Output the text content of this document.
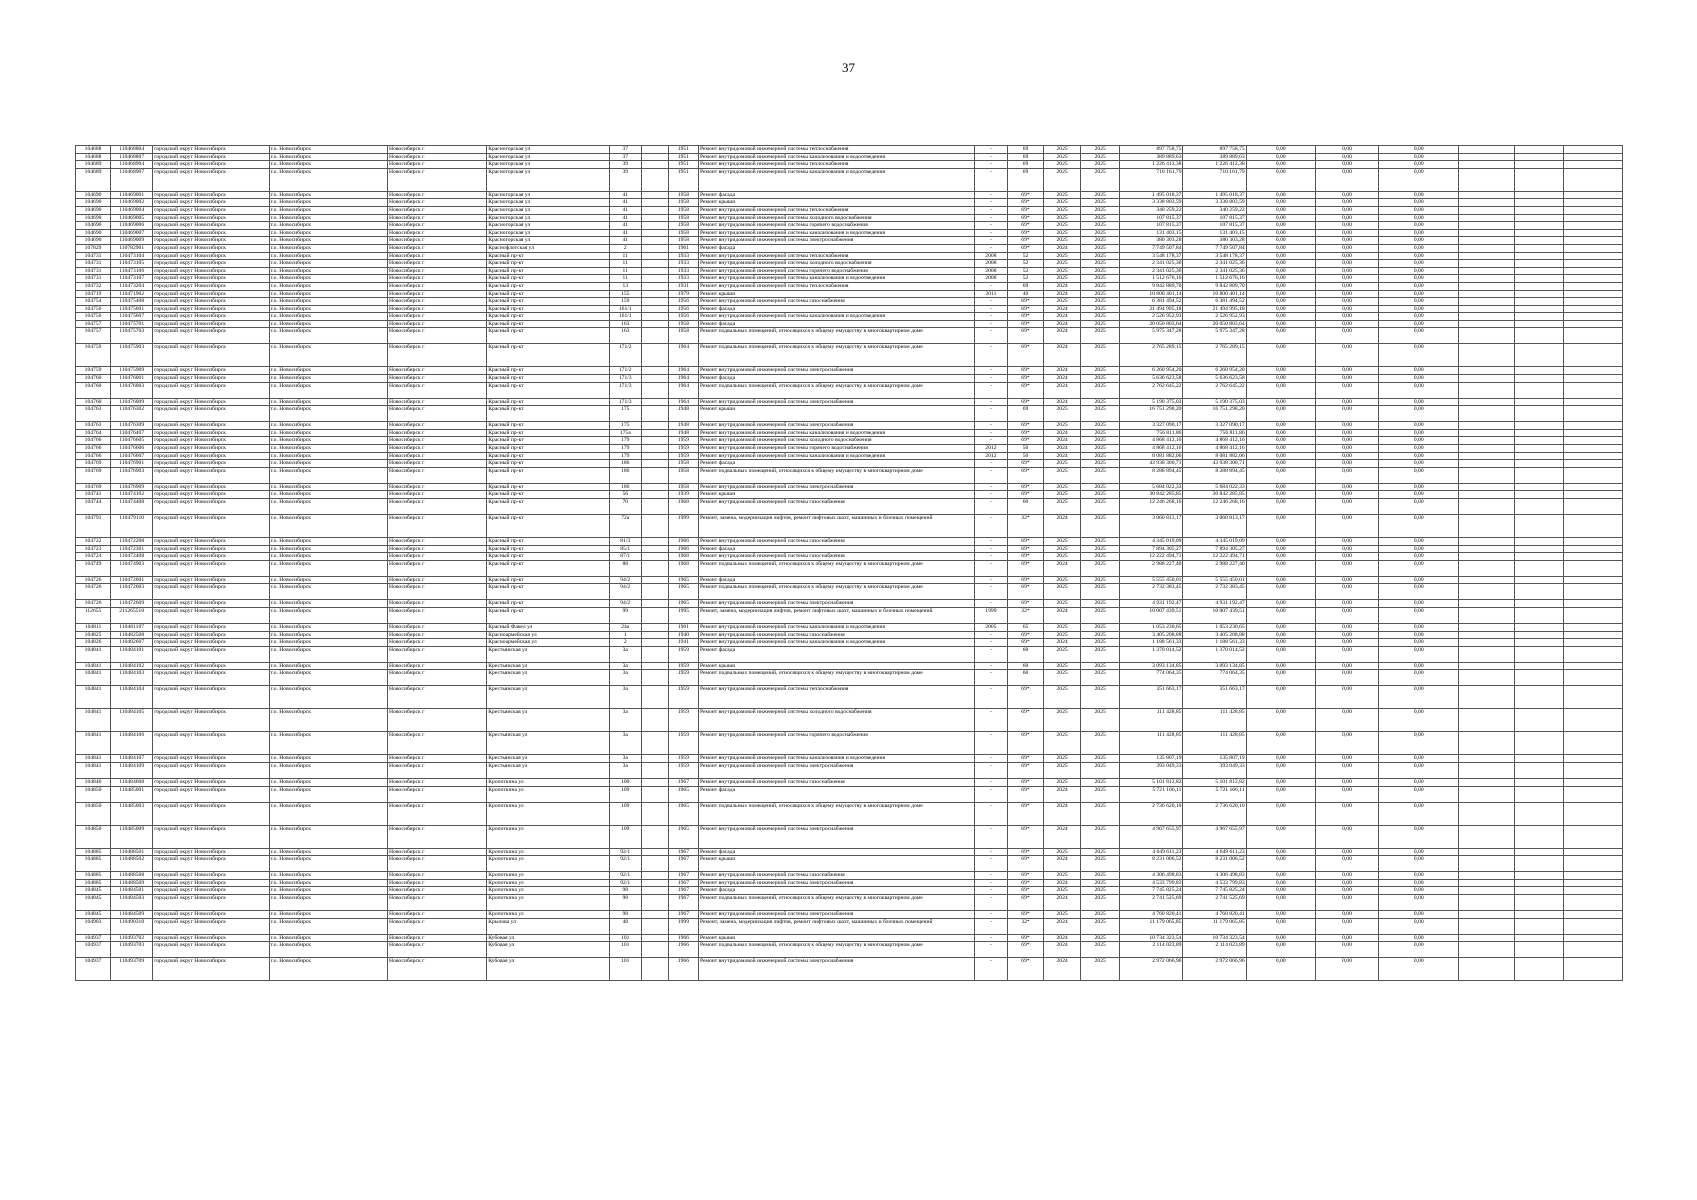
37
104688	110468804	городской округ Новосибирск	г.о. Новосибирск	Новосибирск г	Красногорская ул	37		1951	Ремонт внутридомовой инженерной системы теплоснабжения	-	69	2025	2025	897 758,75	897 758,75	0,00	0,00	0,00			
104688	110468807	городской округ Новосибирск	г.о. Новосибирск	Новосибирск г	Красногорская ул	37		1951	Ремонт внутридомовой инженерной системы канализования и водоотведения	-	69	2025	2025	389 889,63	389 889,63	0,00	0,00	0,00			
104689	110468904	городской округ Новосибирск	г.о. Новосибирск	Новосибирск г	Красногорская ул	39		1951	Ремонт внутридомовой инженерной системы теплоснабжения	-	69	2025	2025	1 226 412,38	1 226 412,38	0,00	0,00	0,00			
104689	110468907	городской округ Новосибирск	г.о. Новосибирск	Новосибирск г	Красногорская ул	39		1951	Ремонт внутридомовой инженерной системы канализования и водоотведения	-	69	2025	2025	710 161,79	710 161,79	0,00	0,00	0,00			
104690	110469001	городской округ Новосибирск	г.о. Новосибирск	Новосибирск г	Красногорская ул	41		1958	Ремонт фасада	-	69*	2025	2025	1 495 018,37	1 495 018,37	0,00	0,00	0,00			
104690	110469002	городской округ Новосибирск	г.о. Новосибирск	Новосибирск г	Красногорская ул	41		1958	Ремонт крыши	-	69*	2025	2025	3 338 803,59	3 338 803,59	0,00	0,00	0,00			
104690	110469004	городской округ Новосибирск	г.о. Новосибирск	Новосибирск г	Красногорская ул	41		1958	Ремонт внутридомовой инженерной системы теплоснабжения	-	69*	2025	2025	340 259,22	340 259,22	0,00	0,00	0,00			
104690	110469005	городской округ Новосибирск	г.о. Новосибирск	Новосибирск г	Красногорская ул	41		1958	Ремонт внутридомовой инженерной системы холодного водоснабжения	-	69*	2025	2025	107 815,37	107 815,37	0,00	0,00	0,00			
104690	110469006	городской округ Новосибирск	г.о. Новосибирск	Новосибирск г	Красногорская ул	41		1958	Ремонт внутридомовой инженерной системы горячего водоснабжения	-	69*	2025	2025	107 815,37	107 815,37	0,00	0,00	0,00			
104690	110469007	городской округ Новосибирск	г.о. Новосибирск	Новосибирск г	Красногорская ул	41		1958	Ремонт внутридомовой инженерной системы канализования и водоотведения	-	69*	2025	2025	131 403,15	131 403,15	0,00	0,00	0,00			
104690	110469009	городской округ Новосибирск	г.о. Новосибирск	Новосибирск г	Красногорская ул	41		1958	Ремонт внутридомовой инженерной системы электроснабжения	-	69*	2025	2025	380 303,28	380 303,28	0,00	0,00	0,00			
107829	110782901	городской округ Новосибирск	г.о. Новосибирск	Новосибирск г	Краснофлотская ул	2		1961	Ремонт фасада	-	69*	2024	2025	7 749 507,84	7 749 507,84	0,00	0,00	0,00			
104731	110473104	городской округ Новосибирск	г.о. Новосибирск	Новосибирск г	Красный пр-кт	11		1933	Ремонт внутридомовой инженерной системы теплоснабжения	2008	52	2025	2025	3 548 178,37	3 548 178,37	0,00	0,00	0,00			
104731	110473105	городской округ Новосибирск	г.о. Новосибирск	Новосибирск г	Красный пр-кт	11		1933	Ремонт внутридомовой инженерной системы холодного водоснабжения	2008	52	2025	2025	2 341 025,36	2 341 025,36	0,00	0,00	0,00			
104731	110473106	городской округ Новосибирск	г.о. Новосибирск	Новосибирск г	Красный пр-кт	11		1933	Ремонт внутридомовой инженерной системы горячего водоснабжения	2008	52	2025	2025	2 341 025,36	2 341 025,36	0,00	0,00	0,00			
104731	110473107	городской округ Новосибирск	г.о. Новосибирск	Новосибирск г	Красный пр-кт	11		1933	Ремонт внутридомовой инженерной системы канализования и водоотведения	2008	52	2025	2025	1 512 676,16	1 512 676,16	0,00	0,00	0,00			
104732	110473204	городской округ Новосибирск	г.о. Новосибирск	Новосибирск г	Красный пр-кт	13		1931	Ремонт внутридомовой инженерной системы теплоснабжения	-	69	2024	2025	9 842 889,70	9 842 889,70	0,00	0,00	0,00			
104719	110471902	городской округ Новосибирск	г.о. Новосибирск	Новосибирск г	Красный пр-кт	155		1979	Ремонт крыши	2011	40	2024	2025	10 800 401,14	10 800 401,14	0,00	0,00	0,00			
104754	110475408	городской округ Новосибирск	г.о. Новосибирск	Новосибирск г	Красный пр-кт	159		1956	Ремонт внутридомовой инженерной системы газоснабжения	-	69*	2025	2025	6 381 494,52	6 381 494,52	0,00	0,00	0,00			
104756	110475601	городской округ Новосибирск	г.о. Новосибирск	Новосибирск г	Красный пр-кт	161/1		1956	Ремонт фасада	-	69*	2024	2025	21 494 995,18	21 494 995,18	0,00	0,00	0,00			
104756	110475607	городской округ Новосибирск	г.о. Новосибирск	Новосибирск г	Красный пр-кт	161/1		1956	Ремонт внутридомовой инженерной системы канализования и водоотведения	-	69*	2024	2025	2 526 952,93	2 526 952,93	0,00	0,00	0,00			
104757	110475701	городской округ Новосибирск	г.о. Новосибирск	Новосибирск г	Красный пр-кт	163		1958	Ремонт фасада	-	69*	2024	2025	20 050 803,64	20 050 803,64	0,00	0,00	0,00			
104757	110475703	городской округ Новосибирск	г.о. Новосибирск	Новосибирск г	Красный пр-кт	163		1958	Ремонт подвальных помещений, относящихся к общему имуществу в многоквартирном доме	-	69*	2024	2025	5 975 347,28	5 975 347,28	0,00	0,00	0,00			
104759	110475903	городской округ Новосибирск	г.о. Новосибирск	Новосибирск г	Красный пр-кт	171/2		1964	Ремонт подвальных помещений, относящихся к общему имуществу в многоквартирном доме	-	69*	2024	2025	2 765 289,15	2 765 289,15	0,00	0,00	0,00			
104759	110475909	городской округ Новосибирск	г.о. Новосибирск	Новосибирск г	Красный пр-кт	171/2		1964	Ремонт внутридомовой инженерной системы электроснабжения	-	69*	2024	2025	6 260 954,20	6 260 954,20	0,00	0,00	0,00			
104760	110476001	городской округ Новосибирск	г.о. Новосибирск	Новосибирск г	Красный пр-кт	171/3		1964	Ремонт фасада	-	69*	2024	2025	5 636 623,58	5 636 623,58	0,00	0,00	0,00			
104760	110476003	городской округ Новосибирск	г.о. Новосибирск	Новосибирск г	Красный пр-кт	171/3		1964	Ремонт подвальных помещений, относящихся к общему имуществу в многоквартирном доме	-	69*	2024	2025	2 762 645,22	2 762 645,22	0,00	0,00	0,00			
104760	110476009	городской округ Новосибирск	г.о. Новосибирск	Новосибирск г	Красный пр-кт	171/3		1964	Ремонт внутридомовой инженерной системы электроснабжения	-	69*	2024	2025	5 190 375,03	5 190 375,03	0,00	0,00	0,00			
104763	110476302	городской округ Новосибирск	г.о. Новосибирск	Новосибирск г	Красный пр-кт	175		1948	Ремонт крыши	-	69	2025	2025	16 751 298,20	16 751 298,20	0,00	0,00	0,00			
104763	110476309	городской округ Новосибирск	г.о. Новосибирск	Новосибирск г	Красный пр-кт	175		1948	Ремонт внутридомовой инженерной системы электроснабжения	-	69*	2025	2025	3 327 090,17	3 327 090,17	0,00	0,00	0,00			
104764	110476407	городской округ Новосибирск	г.о. Новосибирск	Новосибирск г	Красный пр-кт	175а		1948	Ремонт внутридомовой инженерной системы канализования и водоотведения	-	69*	2024	2025	756 811,86	756 811,86	0,00	0,00	0,00			
104766	110476605	городской округ Новосибирск	г.о. Новосибирск	Новосибирск г	Красный пр-кт	179		1959	Ремонт внутридомовой инженерной системы холодного водоснабжения	-	69*	2024	2025	4 868 412,16	4 868 412,16	0,00	0,00	0,00			
104766	110476606	городской округ Новосибирск	г.о. Новосибирск	Новосибирск г	Красный пр-кт	179		1959	Ремонт внутридомовой инженерной системы горячего водоснабжения	2012	50	2024	2025	4 868 412,16	4 868 412,16	0,00	0,00	0,00			
104766	110476607	городской округ Новосибирск	г.о. Новосибирск	Новосибирск г	Красный пр-кт	179		1959	Ремонт внутридомовой инженерной системы канализования и водоотведения	2012	50	2024	2025	8 081 882,06	8 081 882,06	0,00	0,00	0,00			
104769	110476901	городской округ Новосибирск	г.о. Новосибирск	Новосибирск г	Красный пр-кт	186		1958	Ремонт фасада	-	69*	2025	2025	43 938 300,71	43 938 300,71	0,00	0,00	0,00			
104769	110476903	городской округ Новосибирск	г.о. Новосибирск	Новосибирск г	Красный пр-кт	186		1958	Ремонт подвальных помещений, относящихся к общему имуществу в многоквартирном доме	-	69*	2025	2025	8 288 894,45	8 288 894,45	0,00	0,00	0,00			
104769	110476909	городской округ Новосибирск	г.о. Новосибирск	Новосибирск г	Красный пр-кт	186		1958	Ремонт внутридомовой инженерной системы электроснабжения	-	69*	2025	2025	5 684 022,33	5 684 022,33	0,00	0,00	0,00			
104741	110474102	городской округ Новосибирск	г.о. Новосибирск	Новосибирск г	Красный пр-кт	56		1939	Ремонт крыши	-	69*	2025	2025	30 842 285,85	30 842 285,85	0,00	0,00	0,00			
104744	110474408	городской округ Новосибирск	г.о. Новосибирск	Новосибирск г	Красный пр-кт	70		1968	Ремонт внутридомовой инженерной системы газоснабжения	-	60	2025	2025	12 246 268,16	12 246 268,16	0,00	0,00	0,00			
104791	110479110	городской округ Новосибирск	г.о. Новосибирск	Новосибирск г	Красный пр-кт	72а		1999	Ремонт, замена, модернизация лифтов, ремонт лифтовых шахт, машинных и блочных помещений	-	32*	2024	2025	3 060 813,17	3 060 813,17	0,00	0,00	0,00			
104722	110472208	городской округ Новосибирск	г.о. Новосибирск	Новосибирск г	Красный пр-кт	81/3		1966	Ремонт внутридомовой инженерной системы газоснабжения	-	69*	2025	2025	4 345 019,09	4 345 019,09	0,00	0,00	0,00			
104723	110472301	городской округ Новосибирск	г.о. Новосибирск	Новосибирск г	Красный пр-кт	85/1		1966	Ремонт фасада	-	69*	2025	2025	7 894 305,27	7 894 305,27	0,00	0,00	0,00			
104724	110472408	городской округ Новосибирск	г.о. Новосибирск	Новосибирск г	Красный пр-кт	87/1		1968	Ремонт внутридомовой инженерной системы газоснабжения	-	69*	2025	2025	12 222 494,71	12 222 494,71	0,00	0,00	0,00			
104749	110474903	городской округ Новосибирск	г.о. Новосибирск	Новосибирск г	Красный пр-кт	88		1968	Ремонт подвальных помещений, относящихся к общему имуществу в многоквартирном доме	-	69*	2024	2025	2 988 227,40	2 988 227,40	0,00	0,00	0,00			
104726	110472601	городской округ Новосибирск	г.о. Новосибирск	Новосибирск г	Красный пр-кт	94/2		1965	Ремонт фасада	-	69*	2025	2025	5 555 450,01	5 555 450,01	0,00	0,00	0,00			
104726	110472603	городской округ Новосибирск	г.о. Новосибирск	Новосибирск г	Красный пр-кт	94/2		1965	Ремонт подвальных помещений, относящихся к общему имуществу в многоквартирном доме	-	69*	2025	2025	2 732 383,45	2 732 383,45	0,00	0,00	0,00			
104726	110472609	городской округ Новосибирск	г.о. Новосибирск	Новосибирск г	Красный пр-кт	94/2		1965	Ремонт внутридомовой инженерной системы электроснабжения	-	69*	2025	2025	4 931 192,47	4 931 192,47	0,00	0,00	0,00			
112655	211265510	городской округ Новосибирск	г.о. Новосибирск	Новосибирск г	Красный пр-кт	99		1995	Ремонт, замена, модернизация лифтов, ремонт лифтовых шахт, машинных и блочных помещений	1999	32*	2024	2025	10 007 439,51	10 007 439,51	0,00	0,00	0,00			
104811	110481107	городской округ Новосибирск	г.о. Новосибирск	Новосибирск г	Красный Факел ул	24а		1961	Ремонт внутридомовой инженерной системы канализования и водоотведения	2005	65	2025	2025	1 053 230,65	1 053 230,65	0,00	0,00	0,00			
104825	110482508	городской округ Новосибирск	г.о. Новосибирск	Новосибирск г	Красноармейская ул	1		1940	Ремонт внутридомовой инженерной системы газоснабжения	-	69*	2025	2025	3 405 208,88	3 405 208,88	0,00	0,00	0,00			
104826	110482607	городской округ Новосибирск	г.о. Новосибирск	Новосибирск г	Красноармейская ул	2		1941	Ремонт внутридомовой инженерной системы канализования и водоотведения	-	69*	2024	2025	1 188 561,33	1 188 561,33	0,00	0,00	0,00			
104841	110484101	городской округ Новосибирск	г.о. Новосибирск	Новосибирск г	Крестьянская ул	3а		1959	Ремонт фасада	-	60	2025	2025	1 370 014,52	1 370 014,52	0,00	0,00	0,00			
104841	110484102	городской округ Новосибирск	г.о. Новосибирск	Новосибирск г	Крестьянская ул	3а		1959	Ремонт крыши	-	60	2025	2025	3 093 134,85	3 093 134,85	0,00	0,00	0,00			
104841	110484103	городской округ Новосибирск	г.о. Новосибирск	Новосибирск г	Крестьянская ул	3а		1959	Ремонт подвальных помещений, относящихся к общему имуществу в многоквартирном доме	-	60	2025	2025	774 064,35	774 064,35	0,00	0,00	0,00			
104841	110484104	городской округ Новосибирск	г.о. Новосибирск	Новосибирск г	Крестьянская ул	3а		1959	Ремонт внутридомовой инженерной системы теплоснабжения	-	69*	2025	2025	351 663,17	351 663,17	0,00	0,00	0,00			
104841	110484105	городской округ Новосибирск	г.о. Новосибирск	Новосибирск г	Крестьянская ул	3а		1959	Ремонт внутридомовой инженерной системы холодного водоснабжения	-	69*	2025	2025	111 428,85	111 428,85	0,00	0,00	0,00			
104841	110484106	городской округ Новосибирск	г.о. Новосибирск	Новосибирск г	Крестьянская ул	3а		1959	Ремонт внутридомовой инженерной системы горячего водоснабжения	-	69*	2025	2025	111 428,85	111 428,85	0,00	0,00	0,00			
104841	110484107	городской округ Новосибирск	г.о. Новосибирск	Новосибирск г	Крестьянская ул	3а		1959	Ремонт внутридомовой инженерной системы канализования и водоотведения	-	69*	2025	2025	135 807,19	135 807,19	0,00	0,00	0,00			
104841	110484109	городской округ Новосибирск	г.о. Новосибирск	Новосибирск г	Крестьянская ул	3а		1959	Ремонт внутридомовой инженерной системы электроснабжения	-	69*	2025	2025	393 049,33	393 049,33	0,00	0,00	0,00			
104846	110484608	городской округ Новосибирск	г.о. Новосибирск	Новосибирск г	Кропоткина ул	100		1967	Ремонт внутридомовой инженерной системы газоснабжения	-	69*	2025	2025	5 101 812,82	5 101 812,82	0,00	0,00	0,00			
104850	110485001	городской округ Новосибирск	г.о. Новосибирск	Новосибирск г	Кропоткина ул	109		1965	Ремонт фасада	-	69*	2024	2025	5 721 166,11	5 721 166,11	0,00	0,00	0,00			
104850	110485003	городской округ Новосибирск	г.о. Новосибирск	Новосибирск г	Кропоткина ул	109		1965	Ремонт подвальных помещений, относящихся к общему имуществу в многоквартирном доме	-	69*	2024	2025	2 736 620,10	2 736 620,10	0,00	0,00	0,00			
104850	110485009	городской округ Новосибирск	г.о. Новосибирск	Новосибирск г	Кропоткина ул	109		1965	Ремонт внутридомовой инженерной системы электроснабжения	-	69*	2024	2025	4 967 655,97	4 967 655,97	0,00	0,00	0,00			
104885	110488501	городской округ Новосибирск	г.о. Новосибирск	Новосибирск г	Кропоткина ул	92/1		1967	Ремонт фасада	-	69*	2025	2025	4 649 611,23	4 649 611,23	0,00	0,00	0,00			
104885	110488502	городской округ Новосибирск	г.о. Новосибирск	Новосибирск г	Кропоткина ул	92/1		1967	Ремонт крыши	-	69*	2024	2025	8 231 006,52	8 231 006,52	0,00	0,00	0,00			
104885	110488508	городской округ Новосибирск	г.о. Новосибирск	Новосибирск г	Кропоткина ул	92/1		1967	Ремонт внутридомовой инженерной системы газоснабжения	-	69*	2025	2025	4 306 498,83	4 306 498,83	0,00	0,00	0,00			
104885	110488509	городской округ Новосибирск	г.о. Новосибирск	Новосибирск г	Кропоткина ул	92/1		1967	Ремонт внутридомовой инженерной системы электроснабжения	-	69*	2024	2025	4 533 799,83	4 533 799,83	0,00	0,00	0,00			
104845	110484501	городской округ Новосибирск	г.о. Новосибирск	Новосибирск г	Кропоткина ул	98		1967	Ремонт фасада	-	69*	2025	2025	7 745 825,24	7 745 825,24	0,00	0,00	0,00			
104845	110484503	городской округ Новосибирск	г.о. Новосибирск	Новосибирск г	Кропоткина ул	98		1967	Ремонт подвальных помещений, относящихся к общему имуществу в многоквартирном доме	-	69*	2024	2025	2 741 525,69	2 741 525,69	0,00	0,00	0,00			
104845	110484509	городской округ Новосибирск	г.о. Новосибирск	Новосибирск г	Кропоткина ул	98		1967	Ремонт внутридомовой инженерной системы электроснабжения	-	69*	2025	2025	4 760 820,41	4 760 820,41	0,00	0,00	0,00			
104903	110490310	городской округ Новосибирск	г.о. Новосибирск	Новосибирск г	Крылова ул	48		1999	Ремонт, замена, модернизация лифтов, ремонт лифтовых шахт, машинных и блочных помещений	-	32*	2024	2025	11 179 065,85	11 179 065,85	0,00	0,00	0,00			
104937	110493702	городской округ Новосибирск	г.о. Новосибирск	Новосибирск г	Кубовая ул	101		1966	Ремонт крыши	-	69*	2024	2025	10 734 323,54	10 734 323,54	0,00	0,00	0,00			
104937	110493703	городской округ Новосибирск	г.о. Новосибирск	Новосибирск г	Кубовая ул	101		1966	Ремонт подвальных помещений, относящихся к общему имуществу в многоквартирном доме	-	69*	2024	2025	2 114 023,89	2 114 023,89	0,00	0,00	0,00			
104937	110493709	городской округ Новосибирск	г.о. Новосибирск	Новосибирск г	Кубовая ул	101		1966	Ремонт внутридомовой инженерной системы электроснабжения	-	69*	2024	2025	2 972 066,96	2 972 066,96	0,00	0,00	0,00			
